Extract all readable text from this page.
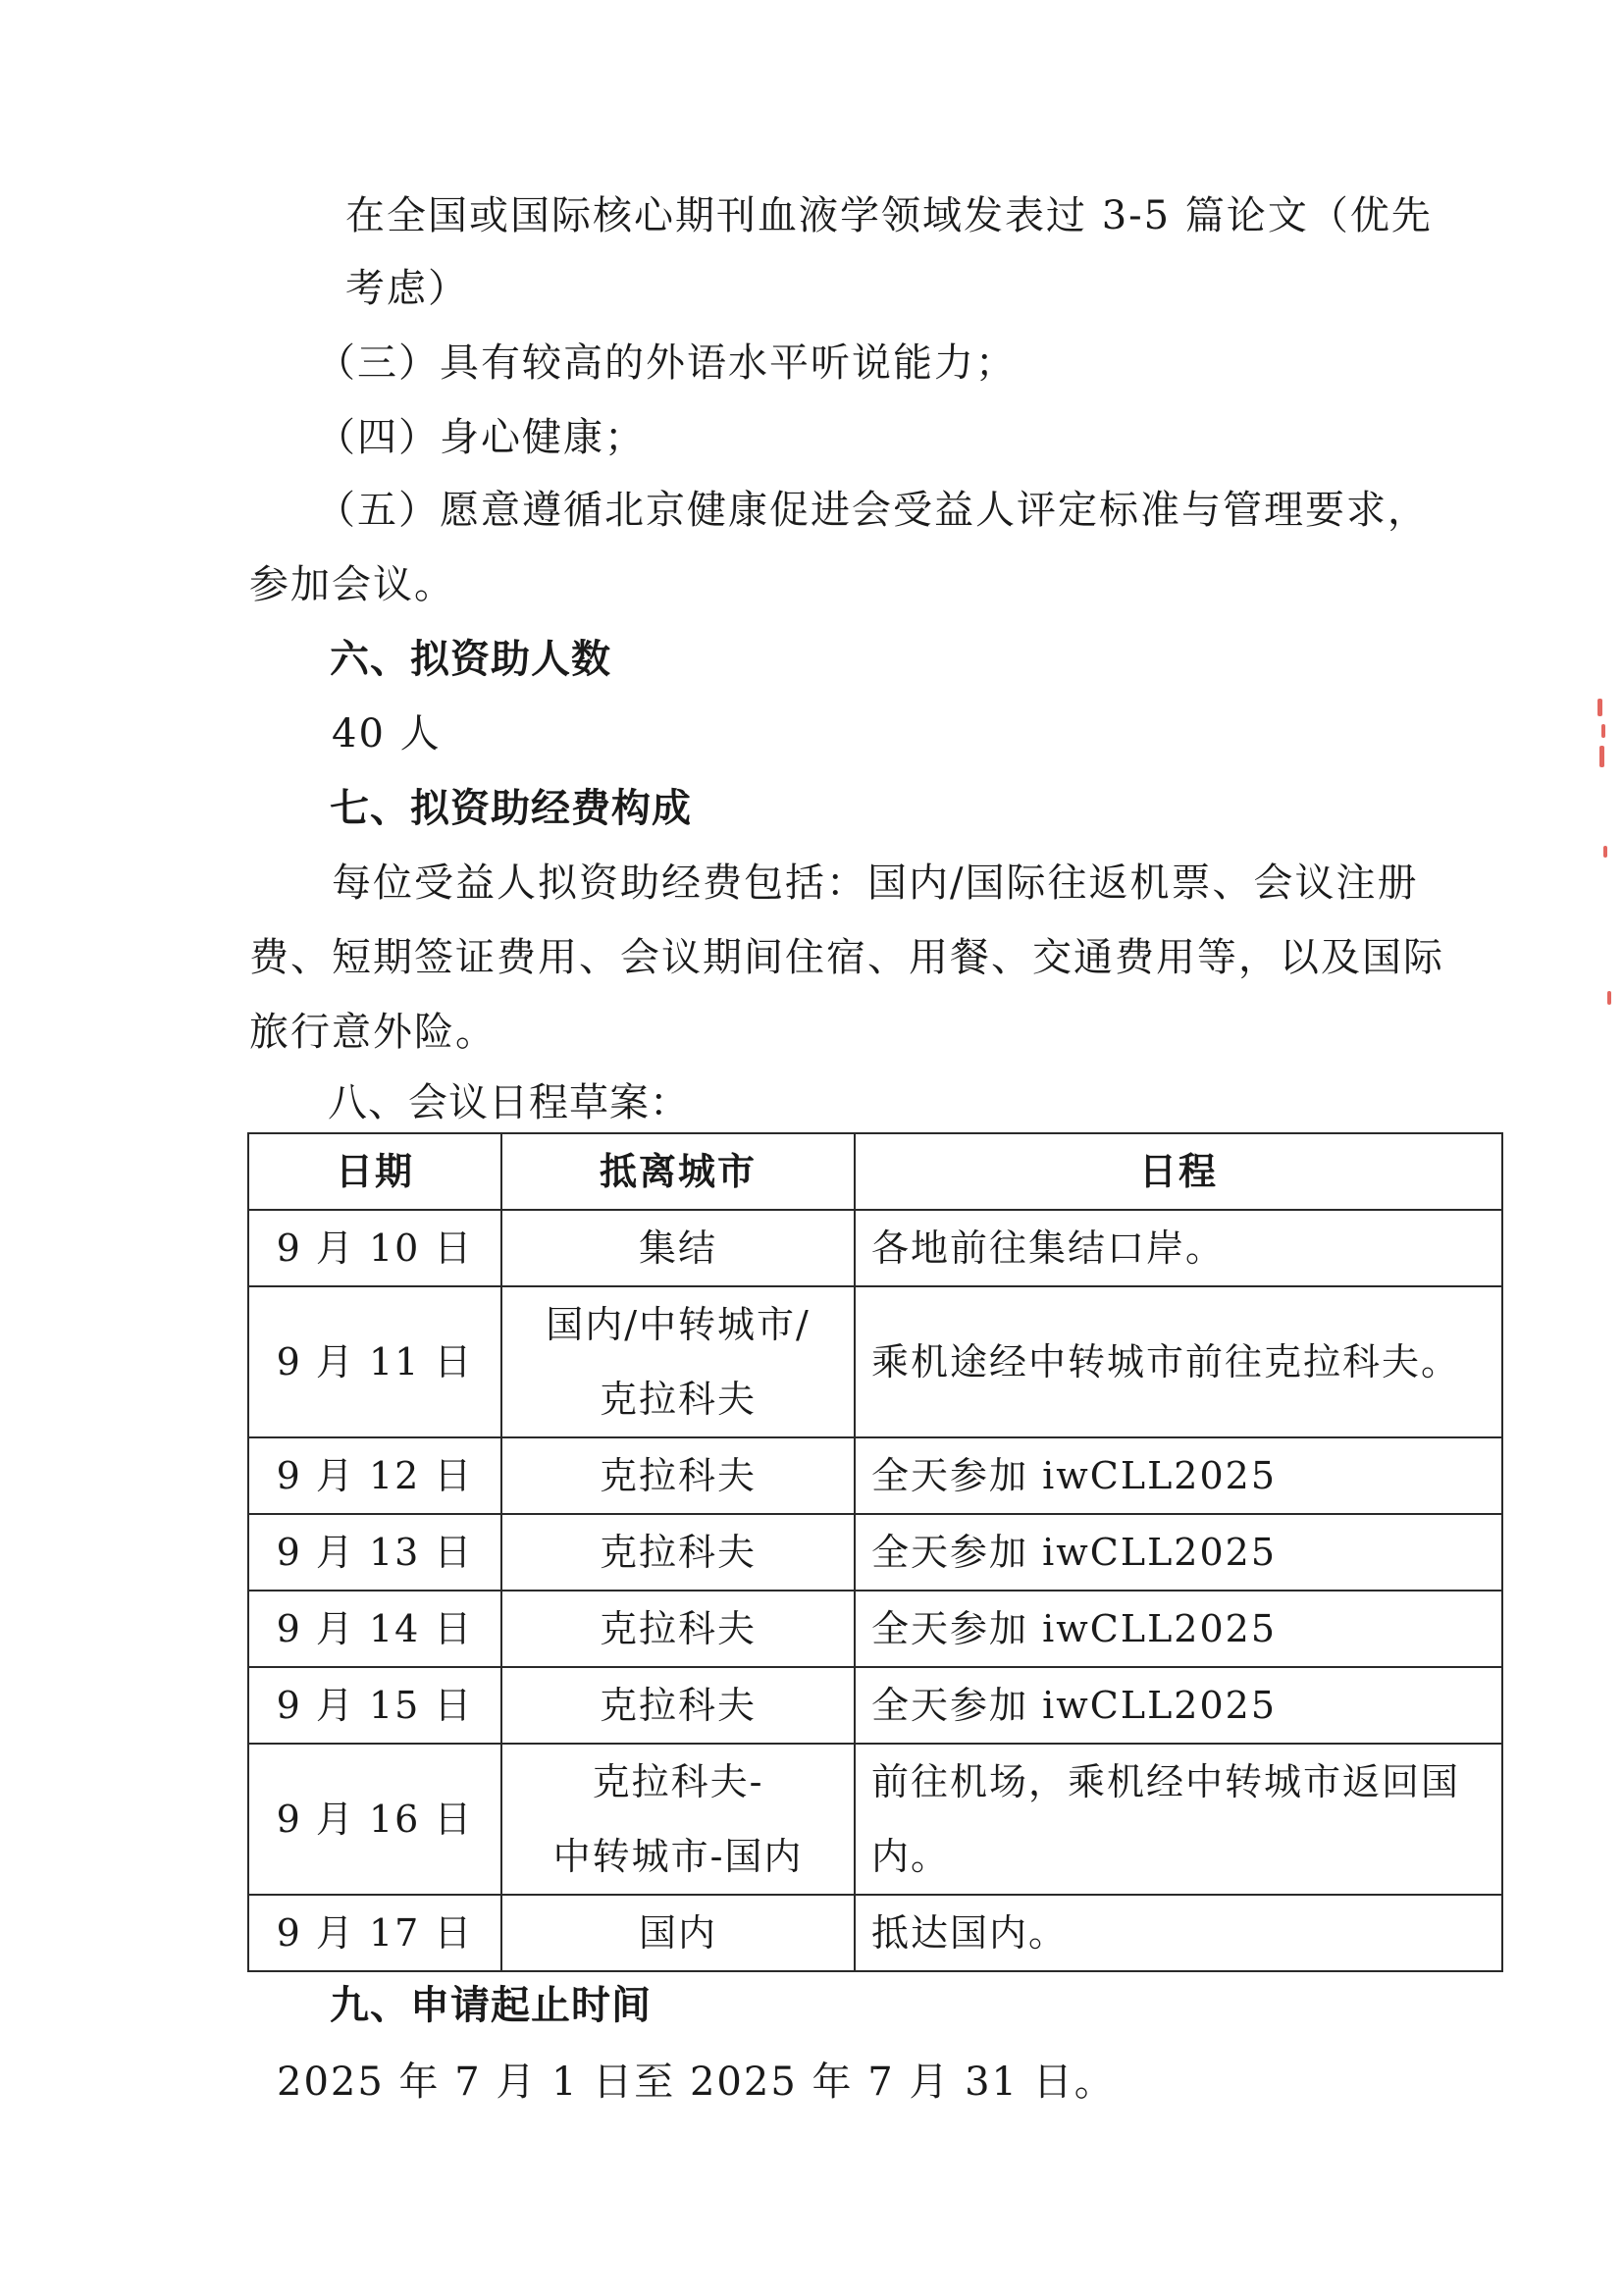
在全国或国际核心期刊血液学领域发表过 3-5 篇论文（优先
考虑）
（三）具有较高的外语水平听说能力；
（四）身心健康；
（五）愿意遵循北京健康促进会受益人评定标准与管理要求，
参加会议。
六、拟资助人数
40 人
七、拟资助经费构成
每位受益人拟资助经费包括：国内/国际往返机票、会议注册
费、短期签证费用、会议期间住宿、用餐、交通费用等，以及国际
旅行意外险。
八、会议日程草案：
日期	抵离城市	日程
9 月 10 日	集结	各地前往集结口岸。

9 月 11 日	国内/中转城市/
克拉科夫	乘机途经中转城市前往克拉科夫。

9 月 12 日	克拉科夫	全天参加 iwCLL2025

9 月 13 日	克拉科夫	全天参加 iwCLL2025

9 月 14 日	克拉科夫	全天参加 iwCLL2025

9 月 15 日	克拉科夫	全天参加 iwCLL2025

9 月 16 日	克拉科夫-
中转城市-国内	前往机场，乘机经中转城市返回国
内。

9 月 17 日	国内	抵达国内。
九、申请起止时间
2025 年 7 月 1 日至 2025 年 7 月 31 日。
